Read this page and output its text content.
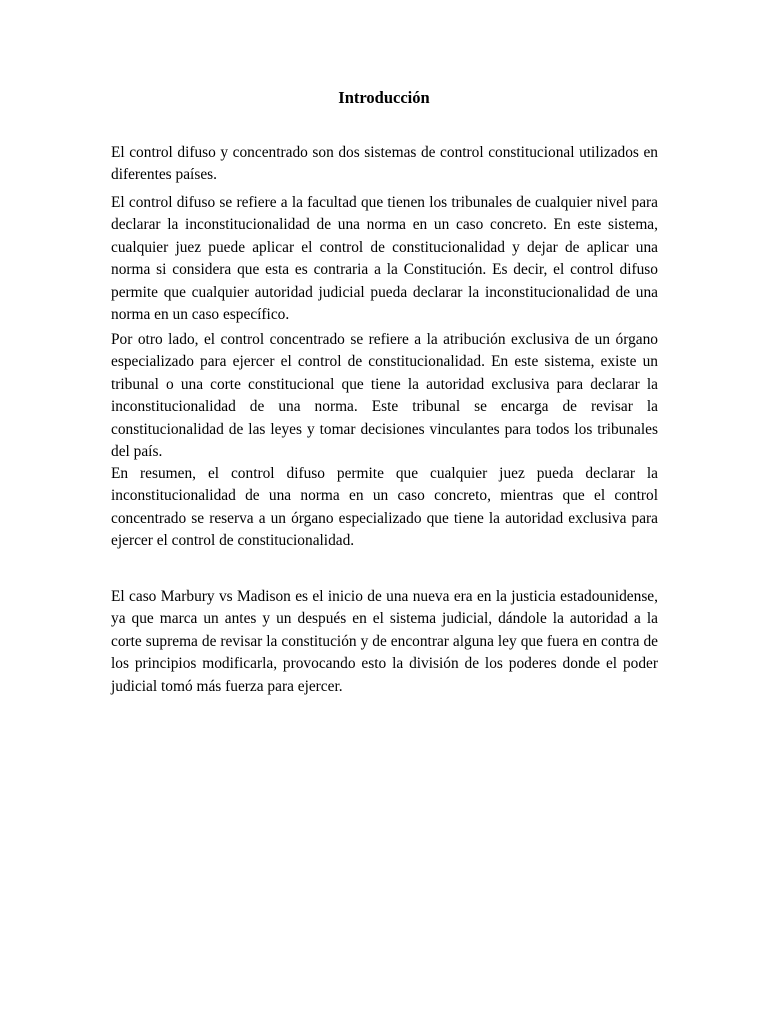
Introducción

El control difuso y concentrado son dos sistemas de control constitucional utilizados en diferentes países.

El control difuso se refiere a la facultad que tienen los tribunales de cualquier nivel para declarar la inconstitucionalidad de una norma en un caso concreto. En este sistema, cualquier juez puede aplicar el control de constitucionalidad y dejar de aplicar una norma si considera que esta es contraria a la Constitución. Es decir, el control difuso permite que cualquier autoridad judicial pueda declarar la inconstitucionalidad de una norma en un caso específico.

Por otro lado, el control concentrado se refiere a la atribución exclusiva de un órgano especializado para ejercer el control de constitucionalidad. En este sistema, existe un tribunal o una corte constitucional que tiene la autoridad exclusiva para declarar la inconstitucionalidad de una norma. Este tribunal se encarga de revisar la constitucionalidad de las leyes y tomar decisiones vinculantes para todos los tribunales del país.

En resumen, el control difuso permite que cualquier juez pueda declarar la inconstitucionalidad de una norma en un caso concreto, mientras que el control concentrado se reserva a un órgano especializado que tiene la autoridad exclusiva para ejercer el control de constitucionalidad.

El caso Marbury vs Madison es el inicio de una nueva era en la justicia estadounidense, ya que marca un antes y un después en el sistema judicial, dándole la autoridad a la corte suprema de revisar la constitución y de encontrar alguna ley que fuera en contra de los principios modificarla, provocando esto la división de los poderes donde el poder judicial tomó más fuerza para ejercer.
